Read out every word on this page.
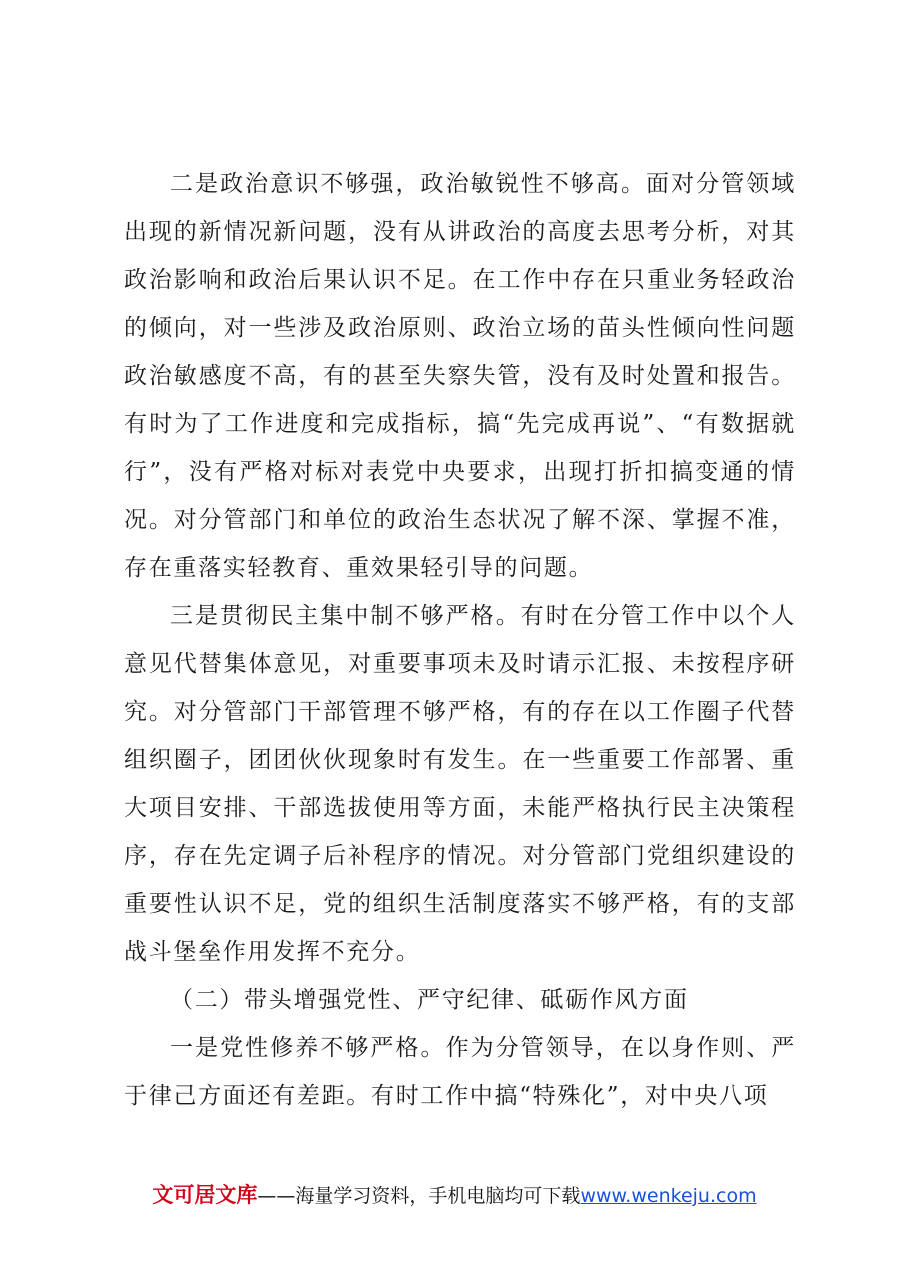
二是政治意识不够强，政治敏锐性不够高。面对分管领域出现的新情况新问题，没有从讲政治的高度去思考分析，对其政治影响和政治后果认识不足。在工作中存在只重业务轻政治的倾向，对一些涉及政治原则、政治立场的苗头性倾向性问题政治敏感度不高，有的甚至失察失管，没有及时处置和报告。有时为了工作进度和完成指标，搞“先完成再说”、“有数据就行”，没有严格对标对表党中央要求，出现打折扣搞变通的情况。对分管部门和单位的政治生态状况了解不深、掌握不准，存在重落实轻教育、重效果轻引导的问题。

三是贯彻民主集中制不够严格。有时在分管工作中以个人意见代替集体意见，对重要事项未及时请示汇报、未按程序研究。对分管部门干部管理不够严格，有的存在以工作圈子代替组织圈子，团团伙伙现象时有发生。在一些重要工作部署、重大项目安排、干部选拔使用等方面，未能严格执行民主决策程序，存在先定调子后补程序的情况。对分管部门党组织建设的重要性认识不足，党的组织生活制度落实不够严格，有的支部战斗堡垒作用发挥不充分。

（二）带头增强党性、严守纪律、砥砺作风方面

一是党性修养不够严格。作为分管领导，在以身作则、严于律己方面还有差距。有时工作中搞“特殊化”，对中央八项

文可居文库——海量学习资料，手机电脑均可下载www.wenkeju.com
